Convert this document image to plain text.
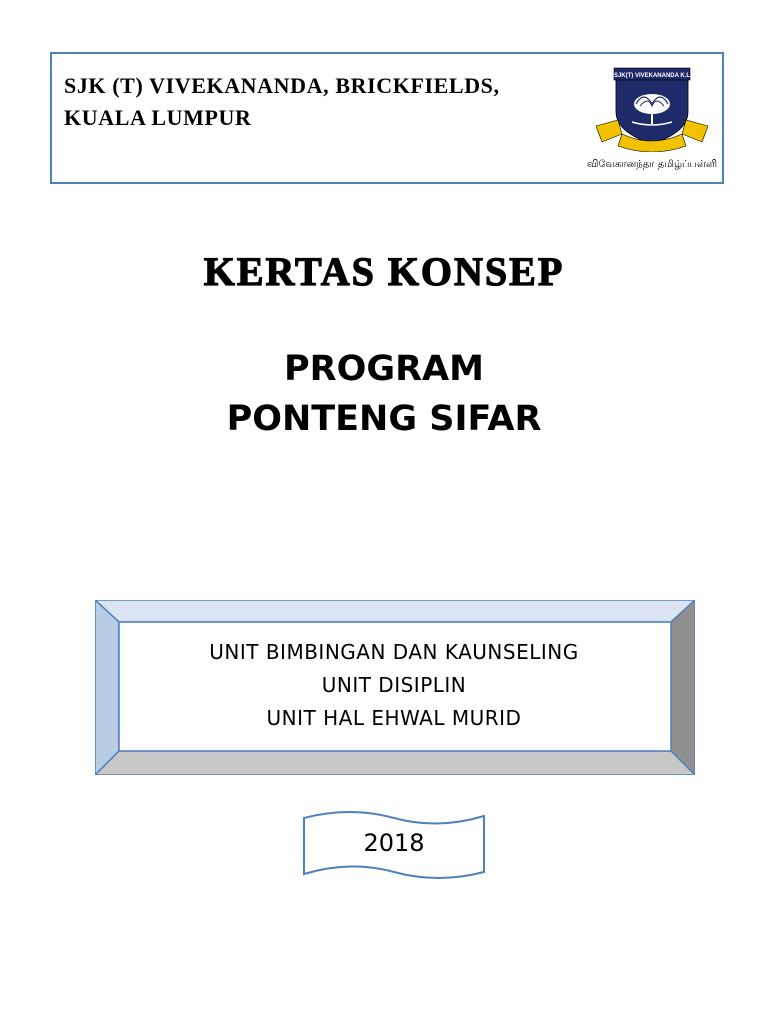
SJK (T) VIVEKANANDA, BRICKFIELDS,
KUALA LUMPUR
SJK(T) VIVEKANANDA K.L
விவேகானந்தா தமிழ்ப்பள்ளி
KERTAS KONSEP
PROGRAM
PONTENG SIFAR
UNIT BIMBINGAN DAN KAUNSELING
UNIT DISIPLIN
UNIT HAL EHWAL MURID
2018
